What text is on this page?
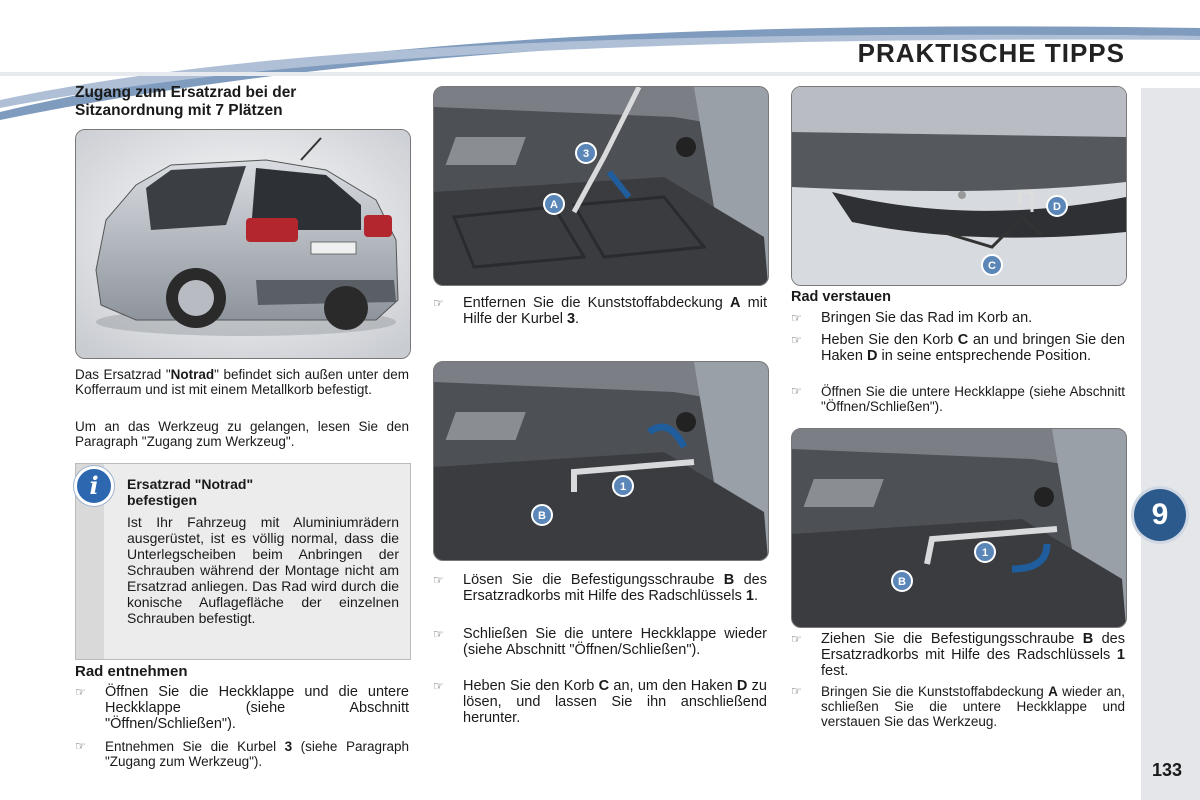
PRAKTISCHE TIPPS
9
133
Zugang zum Ersatzrad bei der
Sitzanordnung mit 7 Plätzen
Das Ersatzrad "Notrad" befindet sich außen unter dem Kofferraum und ist mit einem Metallkorb befestigt.
Um an das Werkzeug zu gelangen, lesen Sie den Paragraph "Zugang zum Werkzeug".
i	Ersatzrad "Notrad"
befestigen
Ist Ihr Fahrzeug mit Aluminiumrädern ausgerüstet, ist es völlig normal, dass die Unterlegscheiben beim Anbringen der Schrauben während der Montage nicht am Ersatzrad anliegen. Das Rad wird durch die konische Auflagefläche der einzelnen Schrauben befestigt.
Rad entnehmen
☞	Öffnen Sie die Heckklappe und die untere Heckklappe (siehe Abschnitt "Öffnen/Schließen").
☞	Entnehmen Sie die Kurbel 3 (siehe Paragraph "Zugang zum Werkzeug").
3
A
☞	Entfernen Sie die Kunststoffabdeckung A mit Hilfe der Kurbel 3.
1
B
☞	Lösen Sie die Befestigungsschraube B des Ersatzradkorbs mit Hilfe des Radschlüssels 1.
☞	Schließen Sie die untere Heckklappe wieder (siehe Abschnitt "Öffnen/Schließen").
☞	Heben Sie den Korb C an, um den Haken D zu lösen, und lassen Sie ihn anschließend herunter.
D
C
Rad verstauen
☞	Bringen Sie das Rad im Korb an.
☞	Heben Sie den Korb C an und bringen Sie den Haken D in seine entsprechende Position.
☞	Öffnen Sie die untere Heckklappe (siehe Abschnitt "Öffnen/Schließen").
1
B
☞	Ziehen Sie die Befestigungsschraube B des Ersatzradkorbs mit Hilfe des Radschlüssels 1 fest.
☞	Bringen Sie die Kunststoffabdeckung A wieder an, schließen Sie die untere Heckklappe und verstauen Sie das Werkzeug.
